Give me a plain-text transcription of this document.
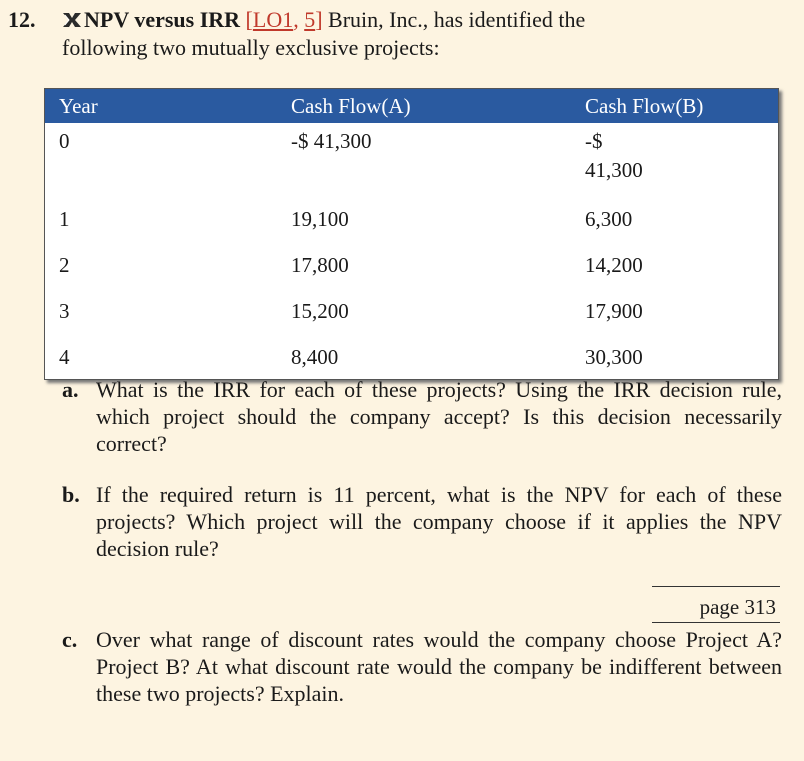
12. NPV versus IRR [LO1, 5] Bruin, Inc., has identified the
following two mutually exclusive projects:
Year	Cash Flow(A)	Cash Flow(B)
0	-$ 41,300	-$
41,300

1	19,100	6,300
2	17,800	14,200
3	15,200	17,900
4	8,400	30,300
a. What is the IRR for each of these projects? Using the IRR decision rule, which project should the company accept? Is this decision necessarily correct?
b. If the required return is 11 percent, what is the NPV for each of these projects? Which project will the company choose if it applies the NPV decision rule?
page 313
c. Over what range of discount rates would the company choose Project A? Project B? At what discount rate would the company be indifferent between these two projects? Explain.
